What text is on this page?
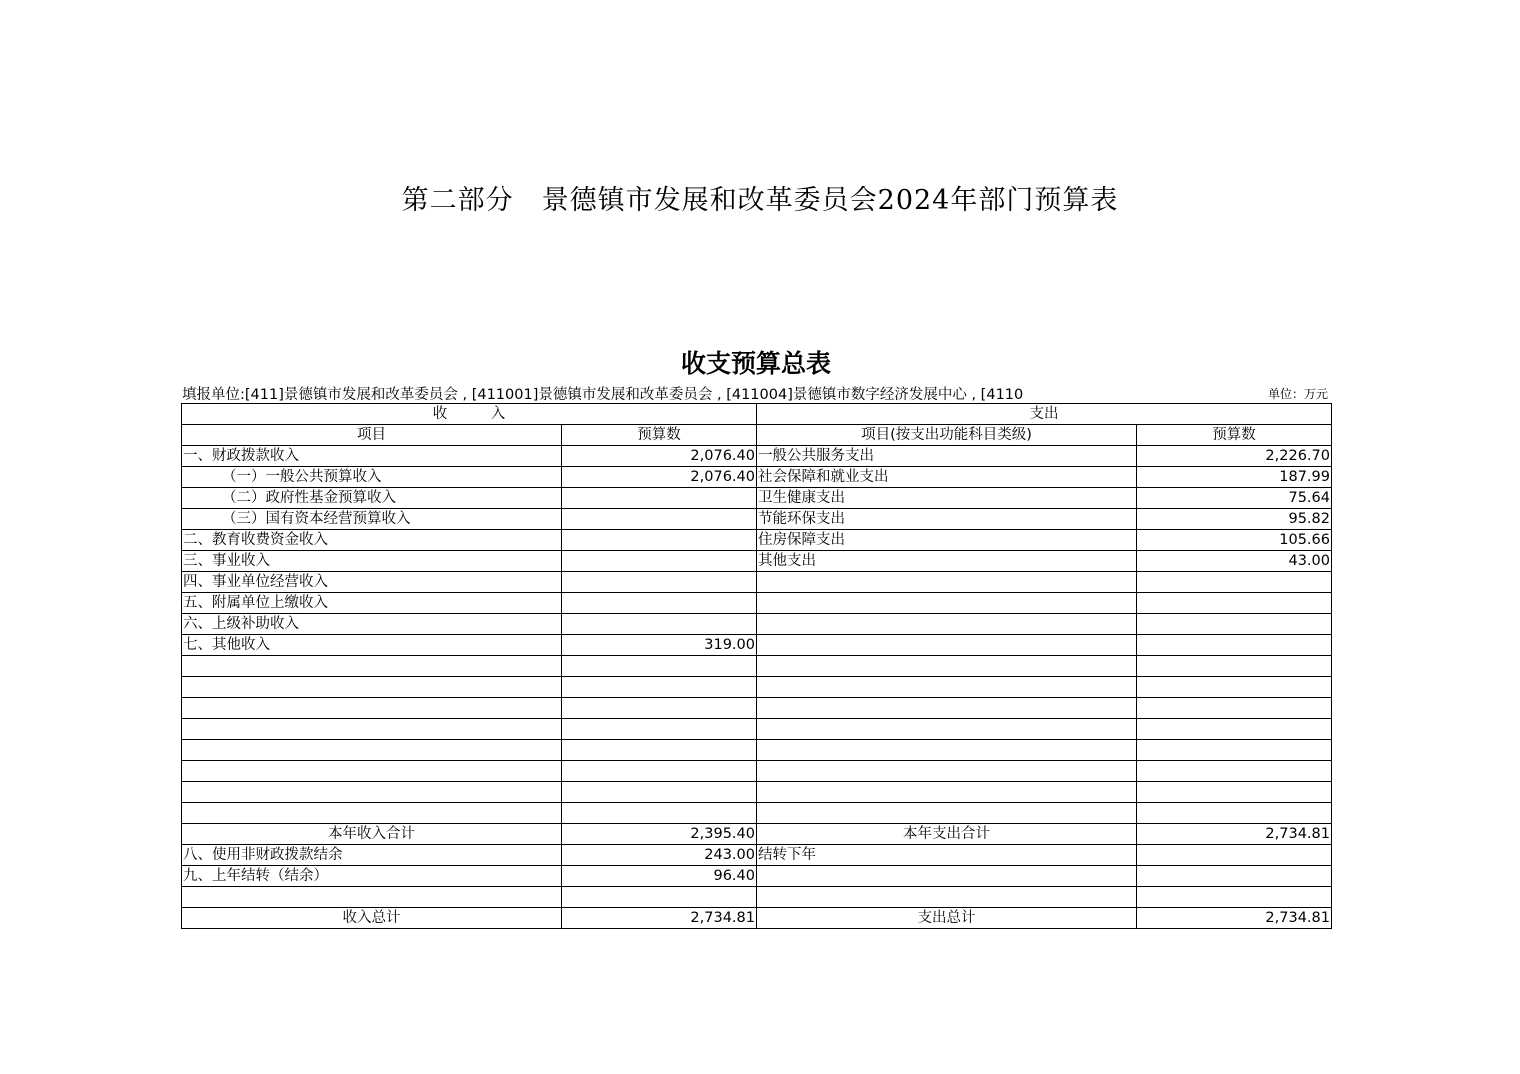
第二部分　景德镇市发展和改革委员会2024年部门预算表
收支预算总表
填报单位:[411]景德镇市发展和改革委员会 , [411001]景德镇市发展和改革委员会 , [411004]景德镇市数字经济发展中心 , [4110	单位：万元
收　　　入		支出	
项目	预算数	项目(按支出功能科目类级)	预算数
一、财政拨款收入	2,076.40	一般公共服务支出	2,226.70
（一）一般公共预算收入	2,076.40	社会保障和就业支出	187.99
（二）政府性基金预算收入		卫生健康支出	75.64
（三）国有资本经营预算收入		节能环保支出	95.82
二、教育收费资金收入		住房保障支出	105.66
三、事业收入		其他支出	43.00
四、事业单位经营收入			
五、附属单位上缴收入			
六、上级补助收入			
七、其他收入	319.00		

本年收入合计	2,395.40	本年支出合计	2,734.81
八、使用非财政拨款结余	243.00	结转下年	
九、上年结转（结余）	96.40		

收入总计	2,734.81	支出总计	2,734.81
